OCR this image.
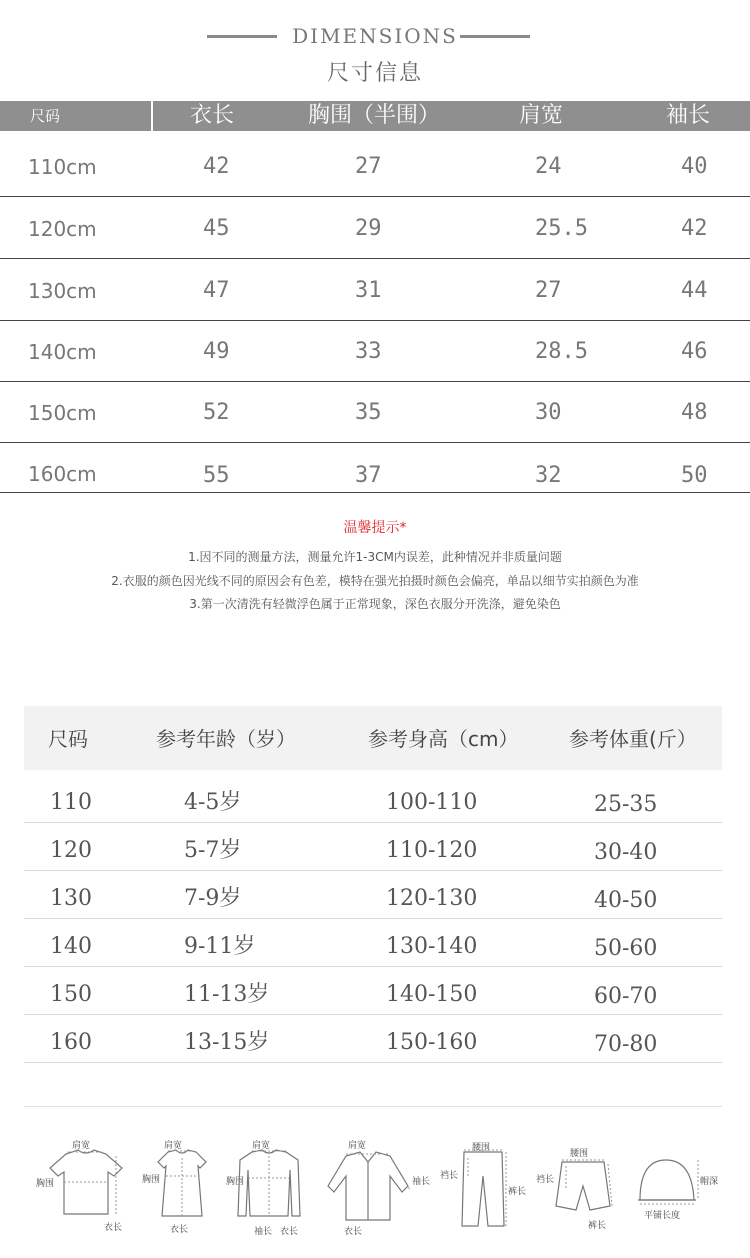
DIMENSIONS
尺寸信息
尺码	衣长	胸围（半围）	肩宽	袖长
110cm	42	27	24	40
120cm	45	29	25.5	42
130cm	47	31	27	44
140cm	49	33	28.5	46
150cm	52	35	30	48
160cm	55	37	32	50
温馨提示*
1.因不同的测量方法，测量允许1-3CM内误差，此种情况并非质量问题
2.衣服的颜色因光线不同的原因会有色差，模特在强光拍摄时颜色会偏亮，单品以细节实拍颜色为准
3.第一次清洗有轻微浮色属于正常现象，深色衣服分开洗涤，避免染色
尺码	参考年龄（岁）	参考身高（cm）	参考体重(斤）
110	4-5岁	100-110	25-35
120	5-7岁	110-120	30-40
130	7-9岁	120-130	40-50
140	9-11岁	130-140	50-60
150	11-13岁	140-150	60-70
160	13-15岁	150-160	70-80
肩宽
胸围
衣长
肩宽
胸围
衣长
肩宽
胸围
袖长 衣长
肩宽
袖长
衣长
腰围
裆长
裤长
腰围
裆长
裤长
帽深
平铺长度
